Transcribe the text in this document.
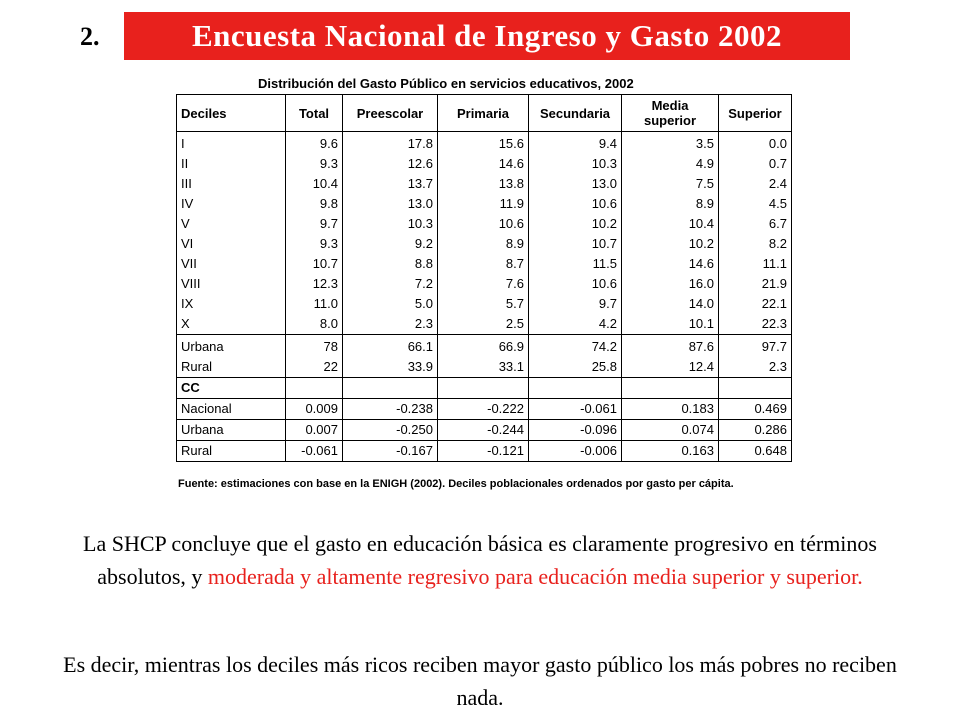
2.	Encuesta Nacional de Ingreso y Gasto 2002
Distribución del Gasto Público en servicios educativos, 2002
Deciles	Total	Preescolar	Primaria	Secundaria	Media superior	Superior
I	9.6	17.8	15.6	9.4	3.5	0.0
II	9.3	12.6	14.6	10.3	4.9	0.7
III	10.4	13.7	13.8	13.0	7.5	2.4
IV	9.8	13.0	11.9	10.6	8.9	4.5
V	9.7	10.3	10.6	10.2	10.4	6.7
VI	9.3	9.2	8.9	10.7	10.2	8.2
VII	10.7	8.8	8.7	11.5	14.6	11.1
VIII	12.3	7.2	7.6	10.6	16.0	21.9
IX	11.0	5.0	5.7	9.7	14.0	22.1
X	8.0	2.3	2.5	4.2	10.1	22.3
Urbana	78	66.1	66.9	74.2	87.6	97.7
Rural	22	33.9	33.1	25.8	12.4	2.3
CC						
Nacional	0.009	-0.238	-0.222	-0.061	0.183	0.469
Urbana	0.007	-0.250	-0.244	-0.096	0.074	0.286
Rural	-0.061	-0.167	-0.121	-0.006	0.163	0.648
Fuente: estimaciones con base en la ENIGH (2002). Deciles poblacionales ordenados por gasto per cápita.
La SHCP concluye que el gasto en educación básica es claramente progresivo en términos absolutos, y moderada y altamente regresivo para educación media superior y superior.
Es decir, mientras los deciles más ricos reciben mayor gasto público los más pobres no reciben nada.
